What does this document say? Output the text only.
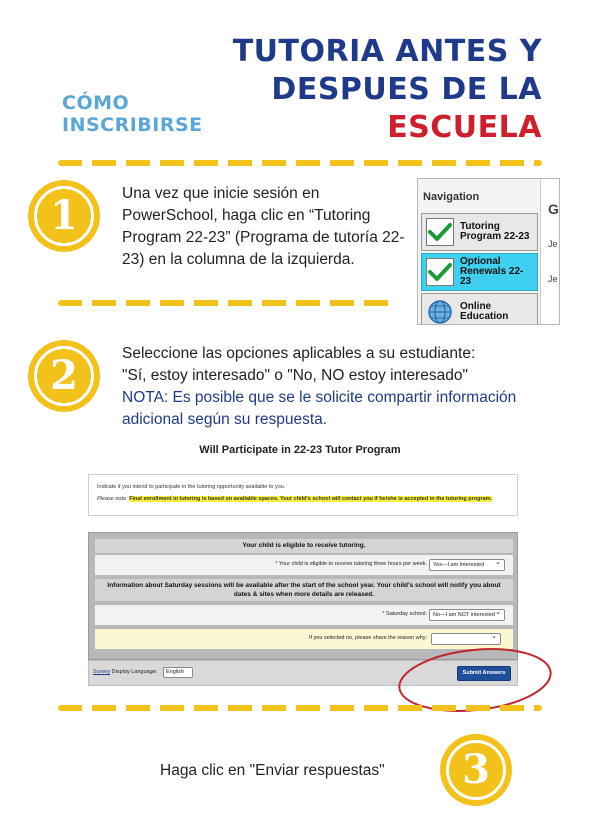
TUTORIA ANTES Y
DESPUES DE LA
ESCUELA
CÓMO
INSCRIBIRSE
1	Una vez que inicie sesión en PowerSchool, haga clic en “Tutoring Program 22-23” (Programa de tutoría 22-23) en la columna de la izquierda.
Navigation
Tutoring Program 22-23
Optional Renewals 22-23
Online Education
G
Je
Je
2	Seleccione las opciones aplicables a su estudiante:
"Sí, estoy interesado" o "No, NO estoy interesado"
NOTA: Es posible que se le solicite compartir información adicional según su respuesta.
Will Participate in 22-23 Tutor Program
Indicate if you intend to participate in the tutoring opportunity available to you.
Please note: Final enrollment in tutoring is based on available spaces. Your child's school will contact you if he/she is accepted in the tutoring program.
Your child is eligible to receive tutoring.
* Your child is eligible to receive tutoring three hours per week.	Yes—I am Interested ⌄
Information about Saturday sessions will be available after the start of the school year. Your child's school will notify you about dates & sites when more details are released.
* Saturday school:	No—I am NOT interested ⌄
If you selected no, please share the reason why:
⌄
Survey Display Language:	English	Submit Answers
Haga clic en "Enviar respuestas"	3
